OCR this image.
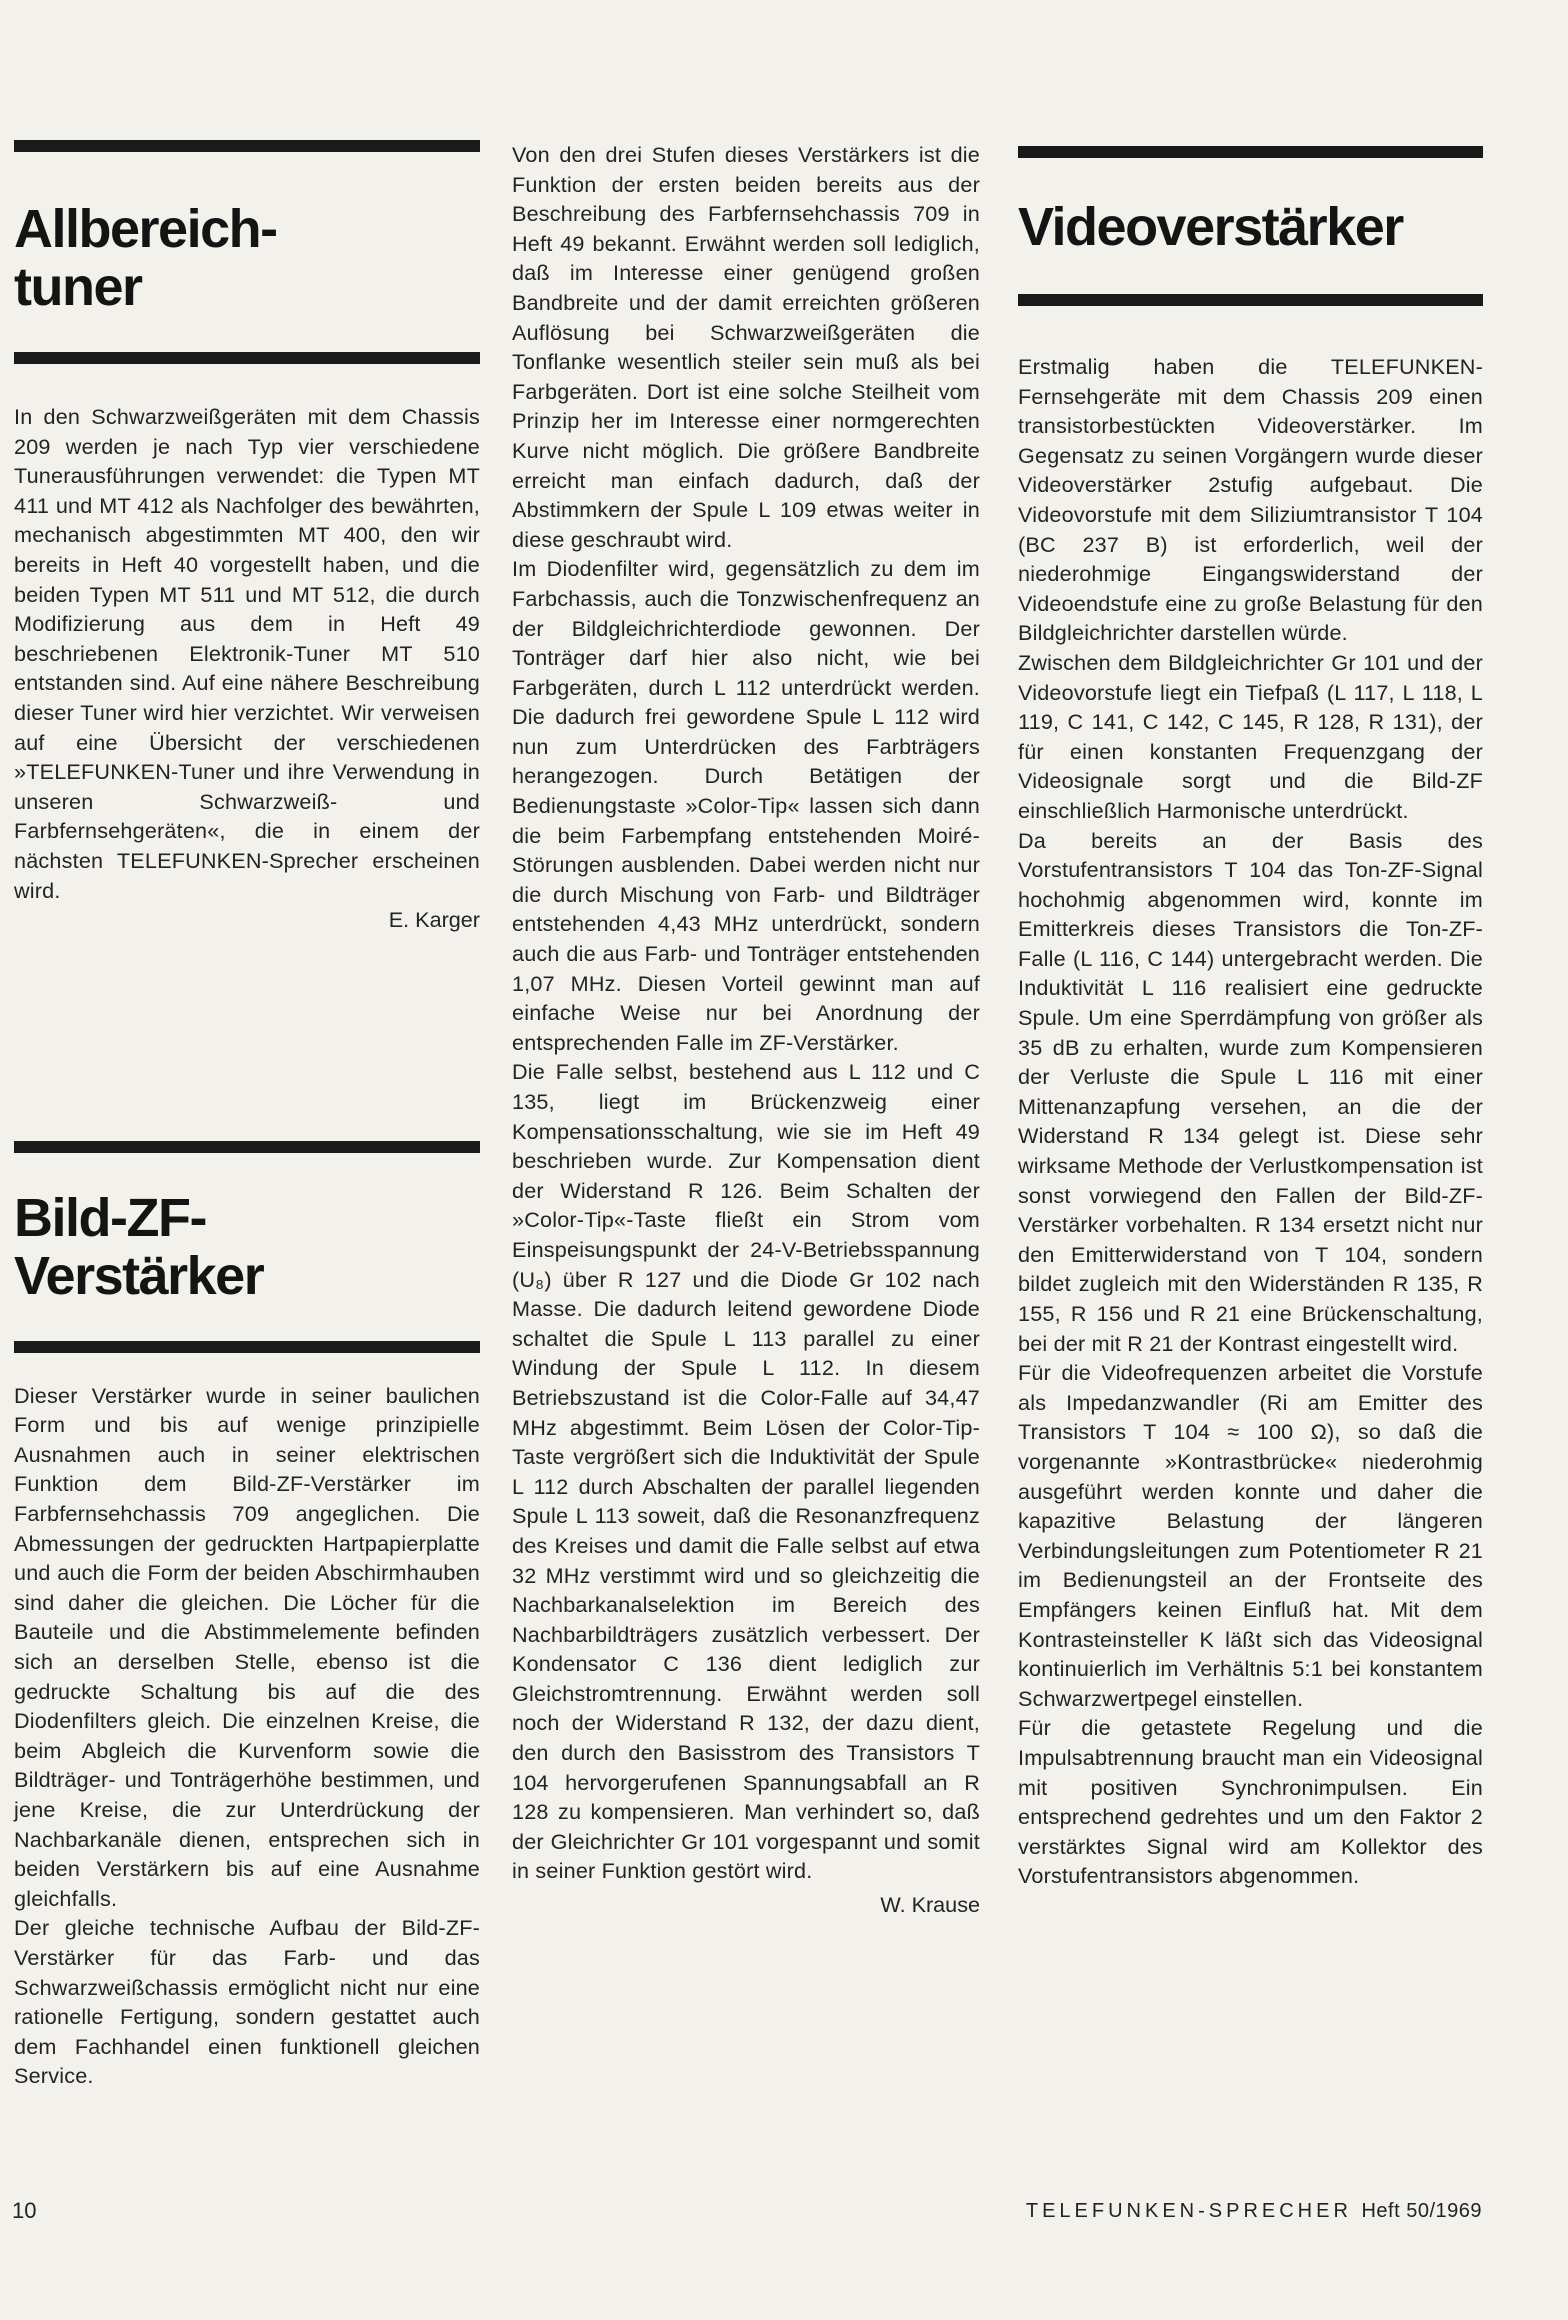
Allbereich-
tuner

In den Schwarzweißgeräten mit dem Chassis 209 werden je nach Typ vier verschiedene Tunerausführungen verwendet: die Typen MT 411 und MT 412 als Nachfolger des bewährten, mechanisch abgestimmten MT 400, den wir bereits in Heft 40 vorgestellt haben, und die beiden Typen MT 511 und MT 512, die durch Modifizierung aus dem in Heft 49 beschriebenen Elektronik-Tuner MT 510 entstanden sind. Auf eine nähere Beschreibung dieser Tuner wird hier verzichtet. Wir verweisen auf eine Übersicht der verschiedenen »TELEFUNKEN-Tuner und ihre Verwendung in unseren Schwarzweiß- und Farbfernsehgeräten«, die in einem der nächsten TELEFUNKEN-Sprecher erscheinen wird.

E. Karger

Bild-ZF-
Verstärker

Dieser Verstärker wurde in seiner baulichen Form und bis auf wenige prinzipielle Ausnahmen auch in seiner elektrischen Funktion dem Bild-ZF-Verstärker im Farbfernsehchassis 709 angeglichen. Die Abmessungen der gedruckten Hartpapierplatte und auch die Form der beiden Abschirmhauben sind daher die gleichen. Die Löcher für die Bauteile und die Abstimmelemente befinden sich an derselben Stelle, ebenso ist die gedruckte Schaltung bis auf die des Diodenfilters gleich. Die einzelnen Kreise, die beim Abgleich die Kurvenform sowie die Bildträger- und Tonträgerhöhe bestimmen, und jene Kreise, die zur Unterdrückung der Nachbarkanäle dienen, entsprechen sich in beiden Verstärkern bis auf eine Ausnahme gleichfalls.

Der gleiche technische Aufbau der Bild-ZF-Verstärker für das Farb- und das Schwarzweißchassis ermöglicht nicht nur eine rationelle Fertigung, sondern gestattet auch dem Fachhandel einen funktionell gleichen Service.

Von den drei Stufen dieses Verstärkers ist die Funktion der ersten beiden bereits aus der Beschreibung des Farbfernsehchassis 709 in Heft 49 bekannt. Erwähnt werden soll lediglich, daß im Interesse einer genügend großen Bandbreite und der damit erreichten größeren Auflösung bei Schwarzweißgeräten die Tonflanke wesentlich steiler sein muß als bei Farbgeräten. Dort ist eine solche Steilheit vom Prinzip her im Interesse einer normgerechten Kurve nicht möglich. Die größere Bandbreite erreicht man einfach dadurch, daß der Abstimmkern der Spule L 109 etwas weiter in diese geschraubt wird.

Im Diodenfilter wird, gegensätzlich zu dem im Farbchassis, auch die Tonzwischenfrequenz an der Bildgleichrichterdiode gewonnen. Der Tonträger darf hier also nicht, wie bei Farbgeräten, durch L 112 unterdrückt werden. Die dadurch frei gewordene Spule L 112 wird nun zum Unterdrücken des Farbträgers herangezogen. Durch Betätigen der Bedienungstaste »Color-Tip« lassen sich dann die beim Farbempfang entstehenden Moiré-Störungen ausblenden. Dabei werden nicht nur die durch Mischung von Farb- und Bildträger entstehenden 4,43 MHz unterdrückt, sondern auch die aus Farb- und Tonträger entstehenden 1,07 MHz. Diesen Vorteil gewinnt man auf einfache Weise nur bei Anordnung der entsprechenden Falle im ZF-Verstärker.

Die Falle selbst, bestehend aus L 112 und C 135, liegt im Brückenzweig einer Kompensationsschaltung, wie sie im Heft 49 beschrieben wurde. Zur Kompensation dient der Widerstand R 126. Beim Schalten der »Color-Tip«-Taste fließt ein Strom vom Einspeisungspunkt der 24-V-Betriebsspannung (U₈) über R 127 und die Diode Gr 102 nach Masse. Die dadurch leitend gewordene Diode schaltet die Spule L 113 parallel zu einer Windung der Spule L 112. In diesem Betriebszustand ist die Color-Falle auf 34,47 MHz abgestimmt. Beim Lösen der Color-Tip-Taste vergrößert sich die Induktivität der Spule L 112 durch Abschalten der parallel liegenden Spule L 113 soweit, daß die Resonanzfrequenz des Kreises und damit die Falle selbst auf etwa 32 MHz verstimmt wird und so gleichzeitig die Nachbarkanalselektion im Bereich des Nachbarbildträgers zusätzlich verbessert. Der Kondensator C 136 dient lediglich zur Gleichstromtrennung. Erwähnt werden soll noch der Widerstand R 132, der dazu dient, den durch den Basisstrom des Transistors T 104 hervorgerufenen Spannungsabfall an R 128 zu kompensieren. Man verhindert so, daß der Gleichrichter Gr 101 vorgespannt und somit in seiner Funktion gestört wird.

W. Krause

Videoverstärker

Erstmalig haben die TELEFUNKEN-Fernsehgeräte mit dem Chassis 209 einen transistorbestückten Videoverstärker. Im Gegensatz zu seinen Vorgängern wurde dieser Videoverstärker 2stufig aufgebaut. Die Videovorstufe mit dem Siliziumtransistor T 104 (BC 237 B) ist erforderlich, weil der niederohmige Eingangswiderstand der Videoendstufe eine zu große Belastung für den Bildgleichrichter darstellen würde.

Zwischen dem Bildgleichrichter Gr 101 und der Videovorstufe liegt ein Tiefpaß (L 117, L 118, L 119, C 141, C 142, C 145, R 128, R 131), der für einen konstanten Frequenzgang der Videosignale sorgt und die Bild-ZF einschließlich Harmonische unterdrückt.

Da bereits an der Basis des Vorstufentransistors T 104 das Ton-ZF-Signal hochohmig abgenommen wird, konnte im Emitterkreis dieses Transistors die Ton-ZF-Falle (L 116, C 144) untergebracht werden. Die Induktivität L 116 realisiert eine gedruckte Spule. Um eine Sperrdämpfung von größer als 35 dB zu erhalten, wurde zum Kompensieren der Verluste die Spule L 116 mit einer Mittenanzapfung versehen, an die der Widerstand R 134 gelegt ist. Diese sehr wirksame Methode der Verlustkompensation ist sonst vorwiegend den Fallen der Bild-ZF-Verstärker vorbehalten. R 134 ersetzt nicht nur den Emitterwiderstand von T 104, sondern bildet zugleich mit den Widerständen R 135, R 155, R 156 und R 21 eine Brückenschaltung, bei der mit R 21 der Kontrast eingestellt wird.

Für die Videofrequenzen arbeitet die Vorstufe als Impedanzwandler (Ri am Emitter des Transistors T 104 ≈ 100 Ω), so daß die vorgenannte »Kontrastbrücke« niederohmig ausgeführt werden konnte und daher die kapazitive Belastung der längeren Verbindungsleitungen zum Potentiometer R 21 im Bedienungsteil an der Frontseite des Empfängers keinen Einfluß hat. Mit dem Kontrasteinsteller K läßt sich das Videosignal kontinuierlich im Verhältnis 5:1 bei konstantem Schwarzwertpegel einstellen.

Für die getastete Regelung und die Impulsabtrennung braucht man ein Videosignal mit positiven Synchronimpulsen. Ein entsprechend gedrehtes und um den Faktor 2 verstärktes Signal wird am Kollektor des Vorstufentransistors abgenommen.

10	TELEFUNKEN-SPRECHER Heft 50/1969
